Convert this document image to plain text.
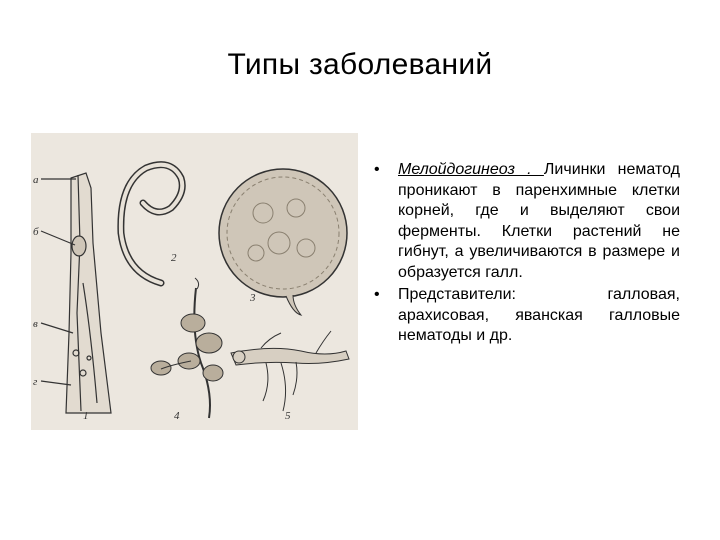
Типы заболеваний
а
б
в
г
1
2
3
4	5
• Мелойдогинеоз . Личинки нематод проникают в паренхимные клетки корней, где и выделяют свои ферменты. Клетки растений не гибнут, а увеличиваются в размере и образуется галл.
• Представители: галловая, арахисовая, яванская галловые нематоды и др.
